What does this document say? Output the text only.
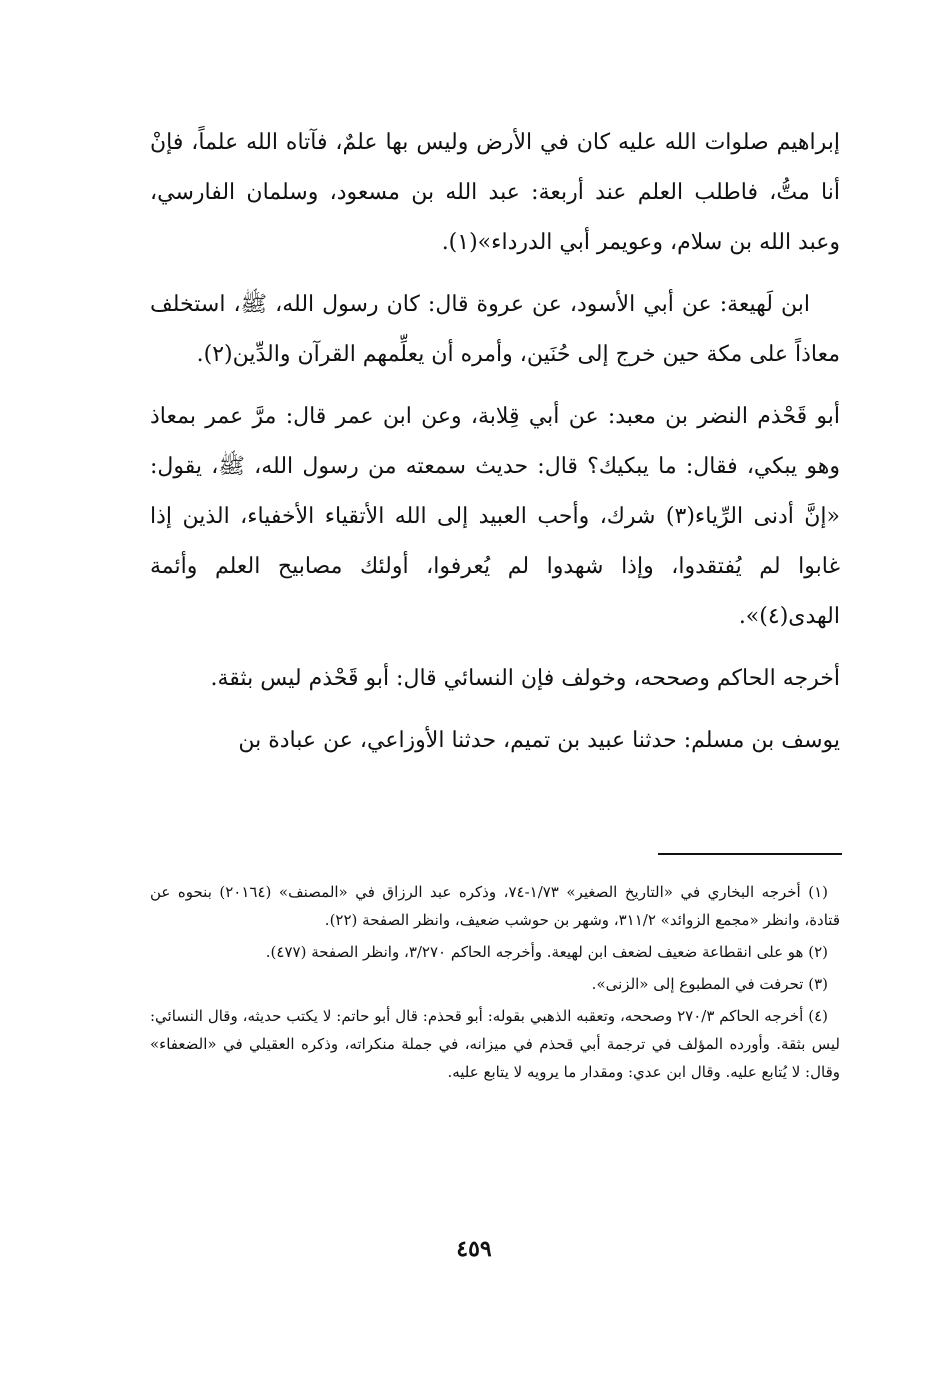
إبراهيم صلوات الله عليه كان في الأرض وليس بها علمٌ، فآتاه الله علماً، فإنْ أنا متُّ، فاطلب العلم عند أربعة: عبد الله بن مسعود، وسلمان الفارسي، وعبد الله بن سلام، وعويمر أبي الدرداء»(١).

ابن لَهيعة: عن أبي الأسود، عن عروة قال: كان رسول الله، ﷺ، استخلف معاذاً على مكة حين خرج إلى حُنَين، وأمره أن يعلِّمهم القرآن والدِّين(٢).

أبو قَحْذم النضر بن معبد: عن أبي قِلابة، وعن ابن عمر قال: مرَّ عمر بمعاذ وهو يبكي، فقال: ما يبكيك؟ قال: حديث سمعته من رسول الله، ﷺ، يقول: «إنَّ أدنى الرِّياء(٣) شرك، وأحب العبيد إلى الله الأتقياء الأخفياء، الذين إذا غابوا لم يُفتقدوا، وإذا شهدوا لم يُعرفوا، أولئك مصابيح العلم وأئمة الهدى(٤)».

أخرجه الحاكم وصححه، وخولف فإن النسائي قال: أبو قَحْذم ليس بثقة.

يوسف بن مسلم: حدثنا عبيد بن تميم، حدثنا الأوزاعي، عن عبادة بن

(١) أخرجه البخاري في «التاريخ الصغير» ١/٧٣-٧٤، وذكره عبد الرزاق في «المصنف» (٢٠١٦٤) بنحوه عن قتادة، وانظر «مجمع الزوائد» ٣١١/٢، وشهر بن حوشب ضعيف، وانظر الصفحة (٢٢).

(٢) هو على انقطاعة ضعيف لضعف ابن لهيعة. وأخرجه الحاكم ٣/٢٧٠، وانظر الصفحة (٤٧٧).

(٣) تحرفت في المطبوع إلى «الزنى».

(٤) أخرجه الحاكم ٢٧٠/٣ وصححه، وتعقبه الذهبي بقوله: أبو قحذم: قال أبو حاتم: لا يكتب حديثه، وقال النسائي: ليس بثقة. وأورده المؤلف في ترجمة أبي قحذم في ميزانه، في جملة منكراته، وذكره العقيلي في «الضعفاء» وقال: لا يُتابع عليه. وقال ابن عدي: ومقدار ما يرويه لا يتابع عليه.

٤٥٩
